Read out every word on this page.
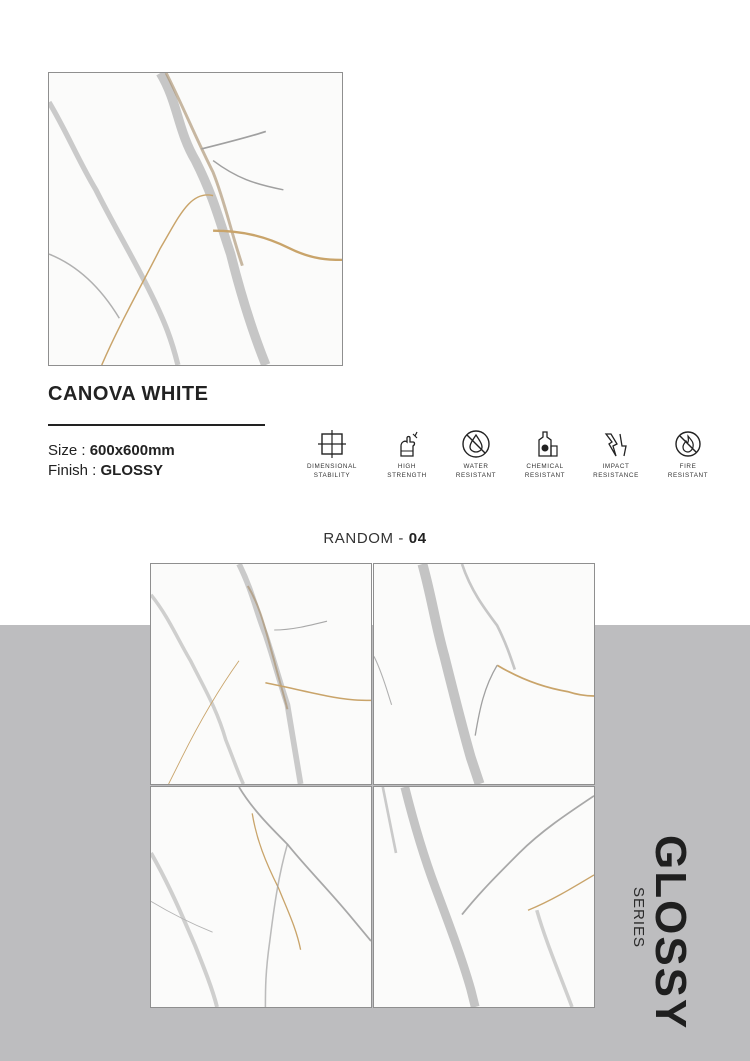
CANOVA WHITE
Size : 600x600mm
Finish : GLOSSY	DIMENSIONAL
STABILITY
HIGH
STRENGTH
WATER
RESISTANT
CHEMICAL
RESISTANT
IMPACT
RESISTANCE
FIRE
RESISTANT
RANDOM - 04
GLOSSY
SERIES
